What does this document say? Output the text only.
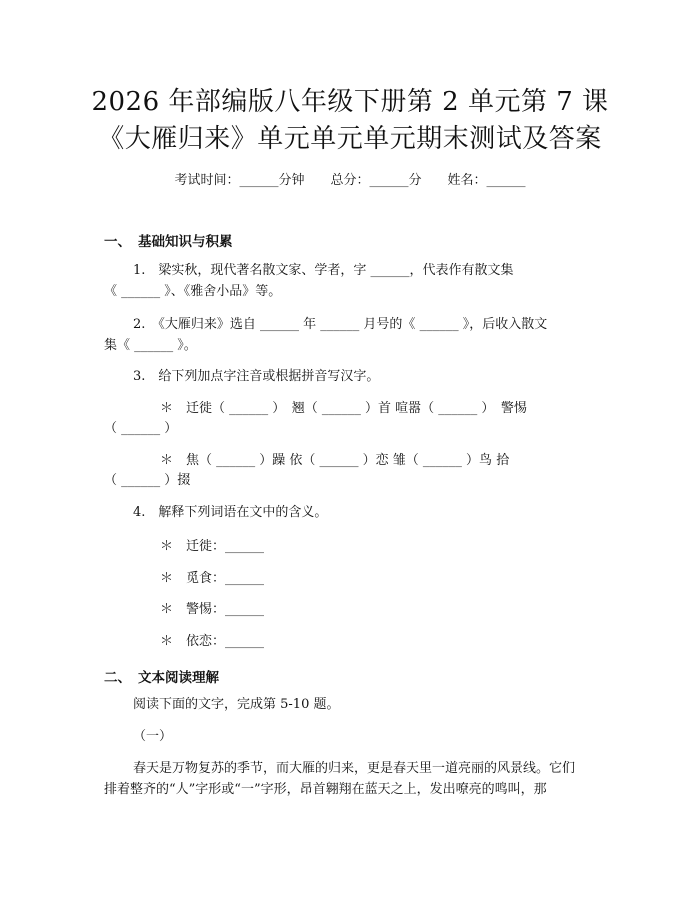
2026 年部编版八年级下册第 2 单元第 7 课
《大雁归来》单元单元单元期末测试及答案
考试时间：______分钟 总分：______分 姓名：______
一、 基础知识与积累
1.　梁实秋，现代著名散文家、学者，字 ______，代表作有散文集
《 ______ 》、《雅舍小品》等。
2.　《大雁归来》选自 ______ 年 ______ 月号的《 ______ 》，后收入散文
集《 ______ 》。
3.　给下列加点字注音或根据拼音写汉字。
＊　迁徙（ ______ ）　翘（ ______ ）首 喧嚣（ ______ ）　警惕
（ ______ ）
＊　焦（ ______ ）躁 依（ ______ ）恋 雏（ ______ ）鸟 拾
（ ______ ）掇
4.　解释下列词语在文中的含义。
＊　迁徙：______
＊　觅食：______
＊　警惕：______
＊　依恋：______
二、 文本阅读理解
阅读下面的文字，完成第 5-10 题。
（一）
春天是万物复苏的季节，而大雁的归来，更是春天里一道亮丽的风景线。它们
排着整齐的“人”字形或“一”字形，昂首翱翔在蓝天之上，发出嘹亮的鸣叫，那
